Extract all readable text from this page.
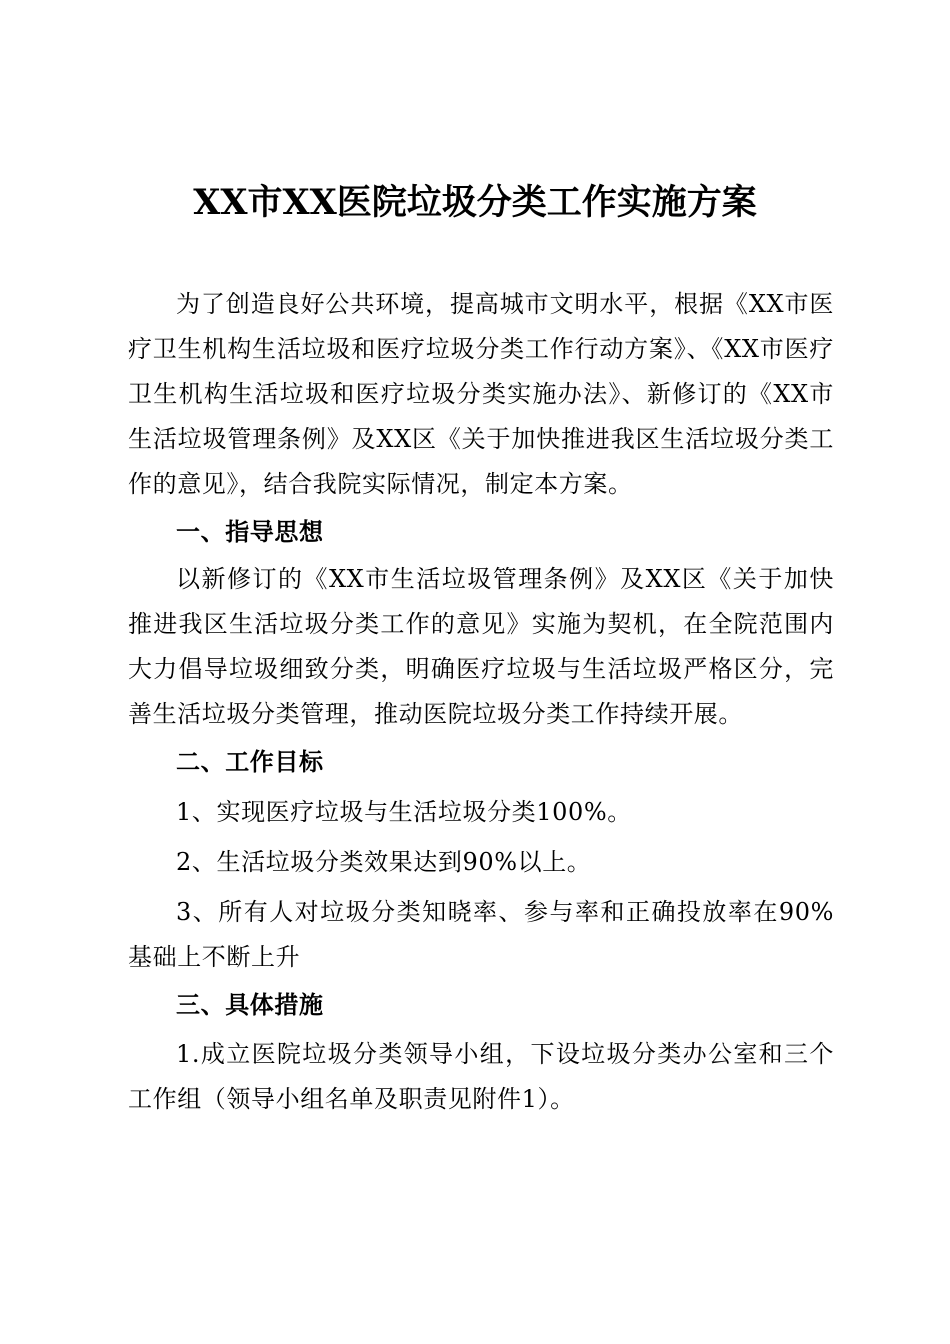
XX市XX医院垃圾分类工作实施方案

为了创造良好公共环境，提高城市文明水平，根据《XX市医疗卫生机构生活垃圾和医疗垃圾分类工作行动方案》、《XX市医疗卫生机构生活垃圾和医疗垃圾分类实施办法》、新修订的《XX市生活垃圾管理条例》及XX区《关于加快推进我区生活垃圾分类工作的意见》，结合我院实际情况，制定本方案。

一、指导思想

以新修订的《XX市生活垃圾管理条例》及XX区《关于加快推进我区生活垃圾分类工作的意见》实施为契机，在全院范围内大力倡导垃圾细致分类，明确医疗垃圾与生活垃圾严格区分，完善生活垃圾分类管理，推动医院垃圾分类工作持续开展。

二、工作目标

1、实现医疗垃圾与生活垃圾分类100%。

2、生活垃圾分类效果达到90%以上。

3、所有人对垃圾分类知晓率、参与率和正确投放率在90%基础上不断上升

三、具体措施

1.成立医院垃圾分类领导小组，下设垃圾分类办公室和三个工作组（领导小组名单及职责见附件1）。
